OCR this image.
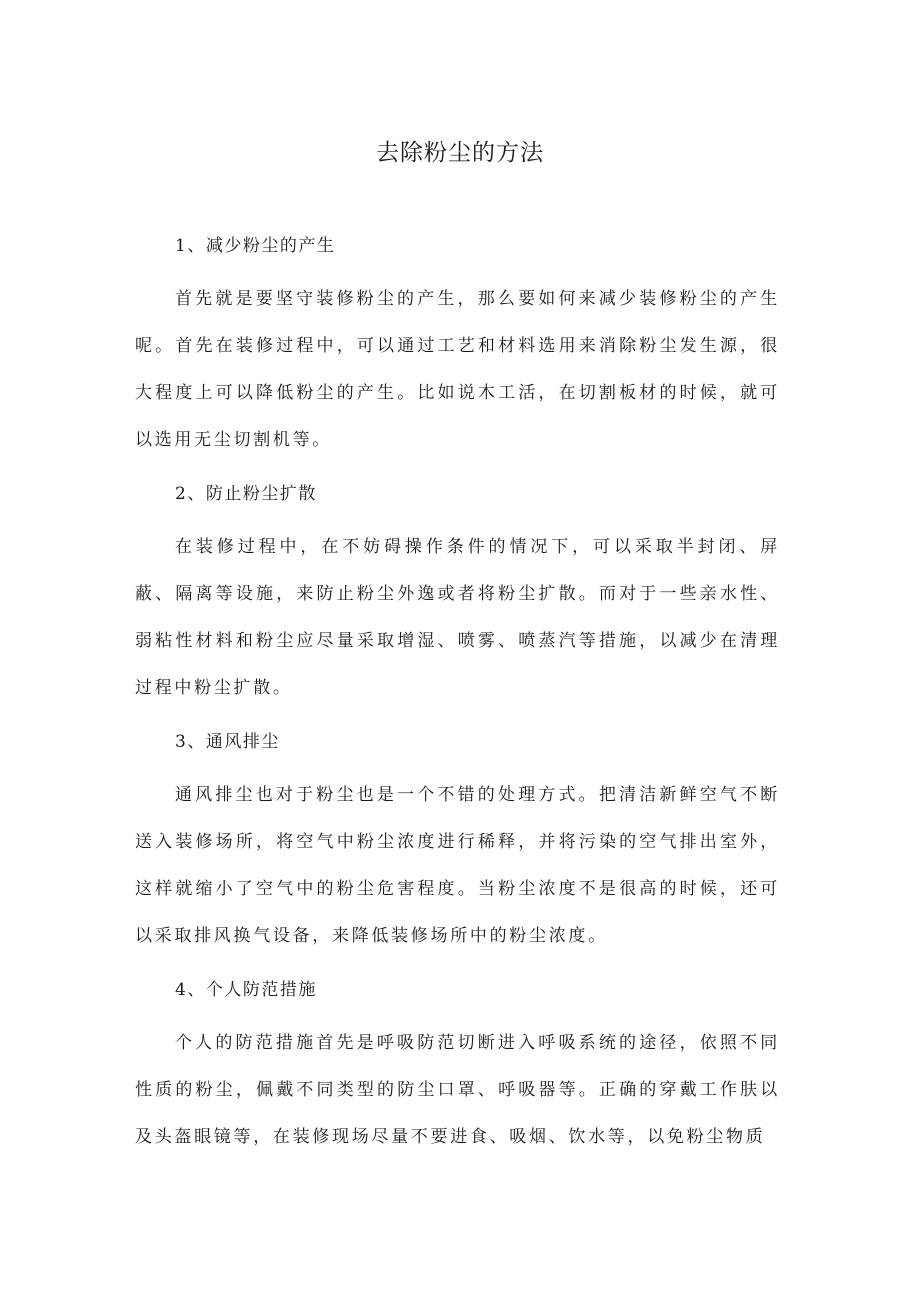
去除粉尘的方法
1、减少粉尘的产生
首先就是要坚守装修粉尘的产生，那么要如何来减少装修粉尘的产生呢。首先在装修过程中，可以通过工艺和材料选用来消除粉尘发生源，很大程度上可以降低粉尘的产生。比如说木工活，在切割板材的时候，就可以选用无尘切割机等。
2、防止粉尘扩散
在装修过程中，在不妨碍操作条件的情况下，可以采取半封闭、屏蔽、隔离等设施，来防止粉尘外逸或者将粉尘扩散。而对于一些亲水性、弱粘性材料和粉尘应尽量采取增湿、喷雾、喷蒸汽等措施，以减少在清理过程中粉尘扩散。
3、通风排尘
通风排尘也对于粉尘也是一个不错的处理方式。把清洁新鲜空气不断送入装修场所，将空气中粉尘浓度进行稀释，并将污染的空气排出室外，这样就缩小了空气中的粉尘危害程度。当粉尘浓度不是很高的时候，还可以采取排风换气设备，来降低装修场所中的粉尘浓度。
4、个人防范措施
个人的防范措施首先是呼吸防范切断进入呼吸系统的途径，依照不同性质的粉尘，佩戴不同类型的防尘口罩、呼吸器等。正确的穿戴工作肤以及头盔眼镜等，在装修现场尽量不要进食、吸烟、饮水等，以免粉尘物质
